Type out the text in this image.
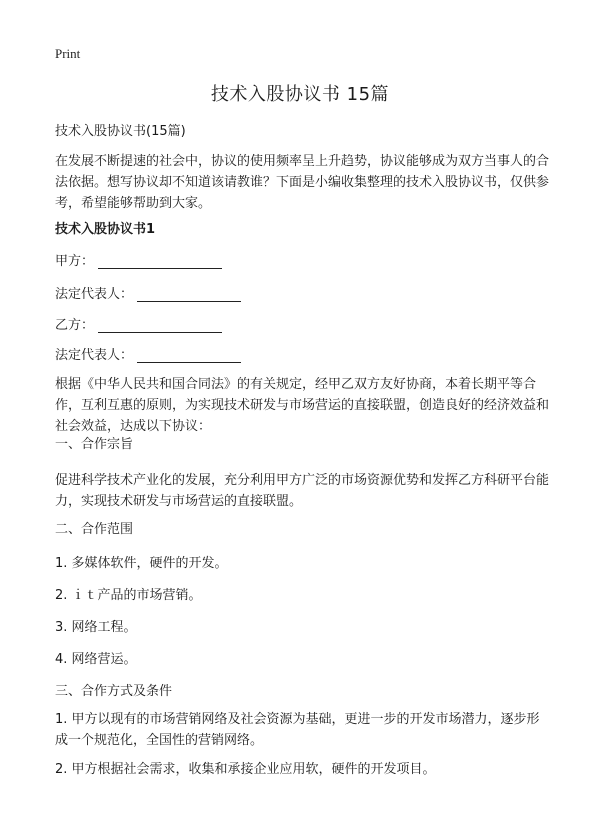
Print
技术入股协议书 15篇
技术入股协议书(15篇)

在发展不断提速的社会中，协议的使用频率呈上升趋势，协议能够成为双方当事人的合法依据。想写协议却不知道该请教谁？下面是小编收集整理的技术入股协议书，仅供参考，希望能够帮助到大家。

技术入股协议书1
甲方：
法定代表人：
乙方：
法定代表人：

根据《中华人民共和国合同法》的有关规定，经甲乙双方友好协商，本着长期平等合作，互利互惠的原则，为实现技术研发与市场营运的直接联盟，创造良好的经济效益和社会效益，达成以下协议：

一、合作宗旨

促进科学技术产业化的发展，充分利用甲方广泛的市场资源优势和发挥乙方科研平台能力，实现技术研发与市场营运的直接联盟。

二、合作范围
1. 多媒体软件，硬件的开发。
2. ｉｔ产品的市场营销。
3. 网络工程。
4. 网络营运。
三、合作方式及条件

1. 甲方以现有的市场营销网络及社会资源为基础，更进一步的开发市场潜力，逐步形成一个规范化，全国性的营销网络。

2. 甲方根据社会需求，收集和承接企业应用软，硬件的开发项目。
